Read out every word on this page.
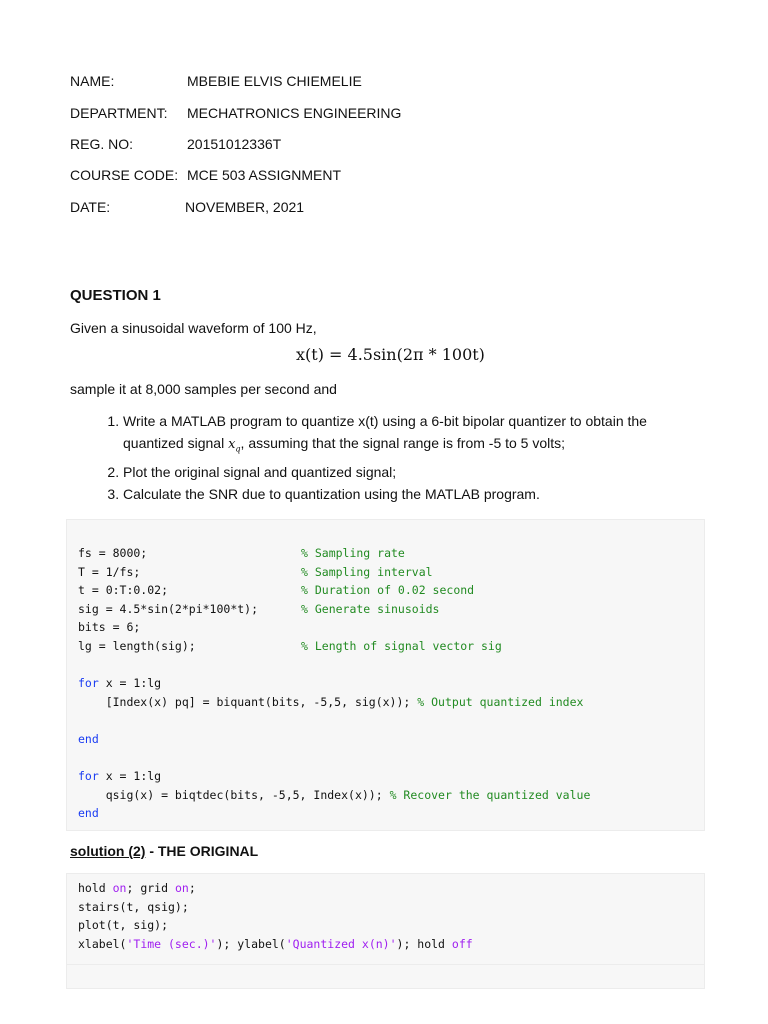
NAME:	MBEBIE ELVIS CHIEMELIE
DEPARTMENT: MECHATRONICS ENGINEERING
REG. NO:	20151012336T
COURSE CODE: MCE 503 ASSIGNMENT
DATE:	NOVEMBER, 2021
QUESTION 1
Given a sinusoidal waveform of 100 Hz,
x(t) = 4.5sin(2π * 100t)
sample it at 8,000 samples per second and
1. Write a MATLAB program to quantize x(t) using a 6-bit bipolar quantizer to obtain the
quantized signal $x_q$, assuming that the signal range is from -5 to 5 volts;
2. Plot the original signal and quantized signal;
3. Calculate the SNR due to quantization using the MATLAB program.
fs = 8000;
T = 1/fs;
t = 0:T:0.02;
sig = 4.5*sin(2*pi*100*t);
bits = 6;
lg = length(sig);

for x = 1:lg
[Index(x) pq] = biquant(bits, -5,5, sig(x)); % Output quantized index

end

for x = 1:lg
qsig(x) = biqtdec(bits, -5,5, Index(x)); % Recover the quantized value
end
% Sampling rate
% Sampling interval
% Duration of 0.02 second
% Generate sinusoids

% Length of signal vector sig
solution (2) - THE ORIGINAL
hold on; grid on;
stairs(t, qsig);
plot(t, sig);
xlabel('Time (sec.)'); ylabel('Quantized x(n)'); hold off
